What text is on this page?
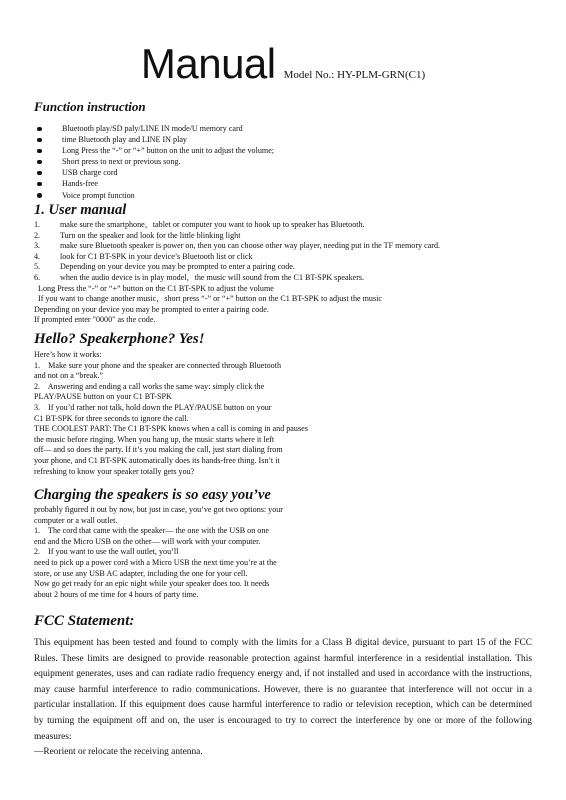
Manual Model No.: HY-PLM-GRN(C1)
Function instruction
Bluetooth play/SD paly/LINE IN mode/U memory card
time Bluetooth play and LINE IN play
Long Press the “-” or “+” button on the unit to adjust the volume;
Short press to next or previous song.
USB charge cord
Hands-free
Voice prompt function
1. User manual
1. make sure the smartphone，tablet or computer you want to hook up to speaker has Bluetooth.
2. Turn on the speaker and look for the little blinking light
3. make sure Bluetooth speaker is power on, then you can choose other way player, needing put in the TF memory card.
4. look for C1 BT-SPK in your device’s Bluetooth list or click
5. Depending on your device you may be prompted to enter a pairing code.
6. when the audio device is in play model，the music will sound from the C1 BT-SPK speakers.
Long Press the “-” or “+” button on the C1 BT-SPK to adjust the volume
If you want to change another music，short press “-” or “+” button on the C1 BT-SPK to adjust the music
Depending on your device you may be prompted to enter a pairing code.
If prompted enter "0000" as the code.
Hello? Speakerphone? Yes!
Here’s how it works:
1.    Make sure your phone and the speaker are connected through Bluetooth
and not on a “break.”
2.    Answering and ending a call works the same way: simply click the
PLAY/PAUSE button on your C1 BT-SPK
3.    If you’d rather not talk, hold down the PLAY/PAUSE button on your
C1 BT-SPK for three seconds to ignore the call.
THE COOLEST PART: The C1 BT-SPK knows when a call is coming in and pauses
the music before ringing. When you hang up, the music starts where it left
off— and so does the party. If it’s you making the call, just start dialing from
your phone, and C1 BT-SPK automatically does its hands-free thing. Isn’t it
refreshing to know your speaker totally gets you?
Charging the speakers is so easy you’ve
probably figured it out by now, but just in case, you’ve got two options: your
computer or a wall outlet.
1.    The cord that came with the speaker— the one with the USB on one
end and the Micro USB on the other— will work with your computer.
2.    If you want to use the wall outlet, you’ll
need to pick up a power cord with a Micro USB the next time you’re at the
store, or use any USB AC adapter, including the one for your cell.
Now go get ready for an epic night while your speaker does too. It needs
about 2 hours of me time for 4 hours of party time.
FCC Statement:
This equipment has been tested and found to comply with the limits for a Class B digital device, pursuant to part 15 of the FCC Rules. These limits are designed to provide reasonable protection against harmful interference in a residential installation. This equipment generates, uses and can radiate radio frequency energy and, if not installed and used in accordance with the instructions, may cause harmful interference to radio communications. However, there is no guarantee that interference will not occur in a particular installation. If this equipment does cause harmful interference to radio or television reception, which can be determined by turning the equipment off and on, the user is encouraged to try to correct the interference by one or more of the following measures:
—Reorient or relocate the receiving antenna.
